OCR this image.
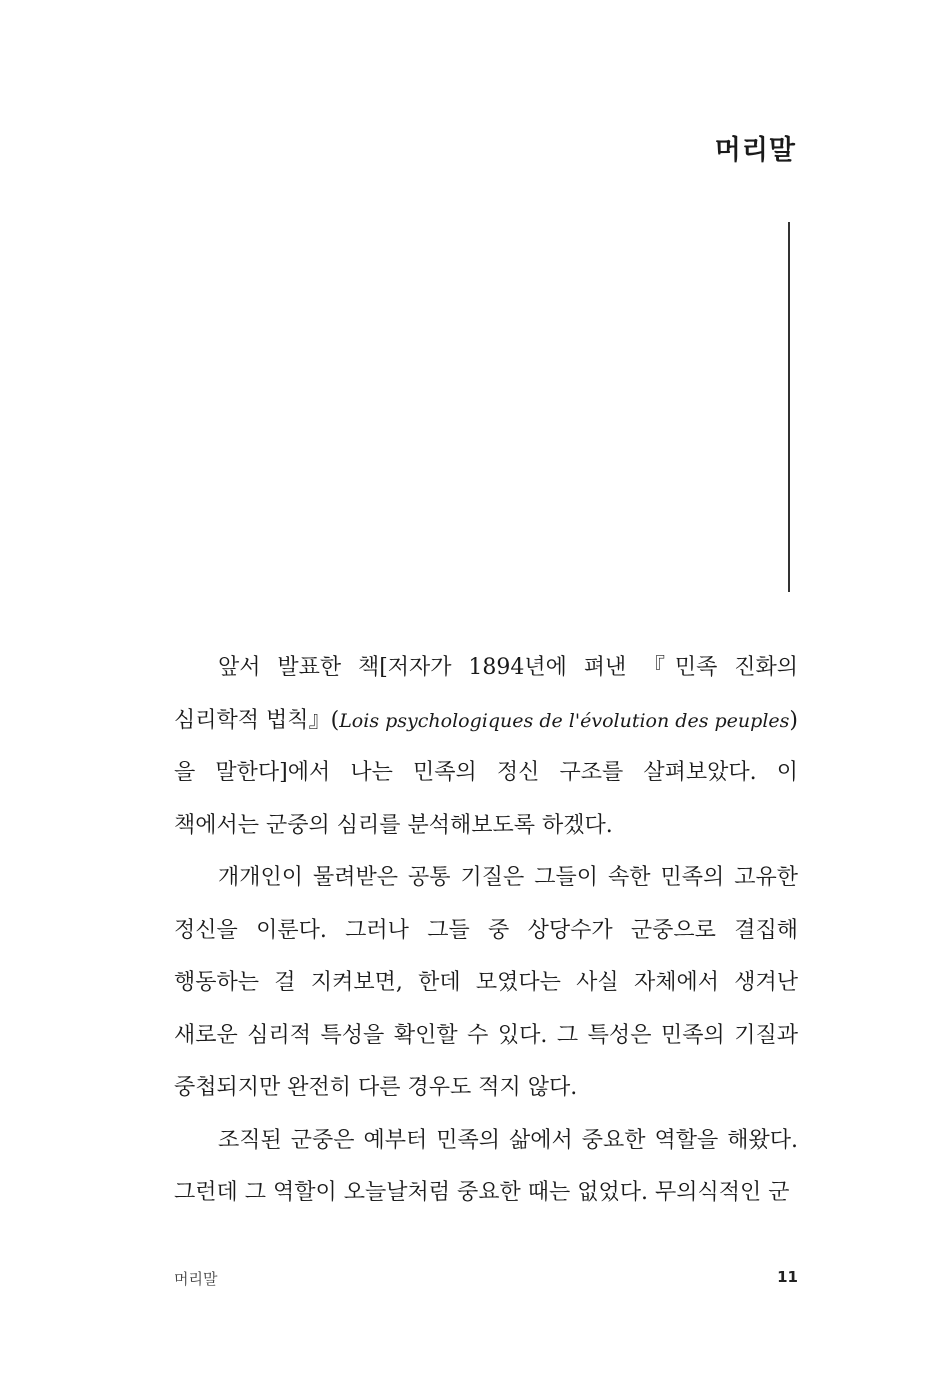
머리말

앞서 발표한 책[저자가 1894년에 펴낸 『민족 진화의 심리학적 법칙』(Lois psychologiques de l'évolution des peuples)을 말한다]에서 나는 민족의 정신 구조를 살펴보았다. 이 책에서는 군중의 심리를 분석해보도록 하겠다.

개개인이 물려받은 공통 기질은 그들이 속한 민족의 고유한 정신을 이룬다. 그러나 그들 중 상당수가 군중으로 결집해 행동하는 걸 지켜보면, 한데 모였다는 사실 자체에서 생겨난 새로운 심리적 특성을 확인할 수 있다. 그 특성은 민족의 기질과 중첩되지만 완전히 다른 경우도 적지 않다.

조직된 군중은 예부터 민족의 삶에서 중요한 역할을 해왔다. 그런데 그 역할이 오늘날처럼 중요한 때는 없었다. 무의식적인 군

머리말	11
